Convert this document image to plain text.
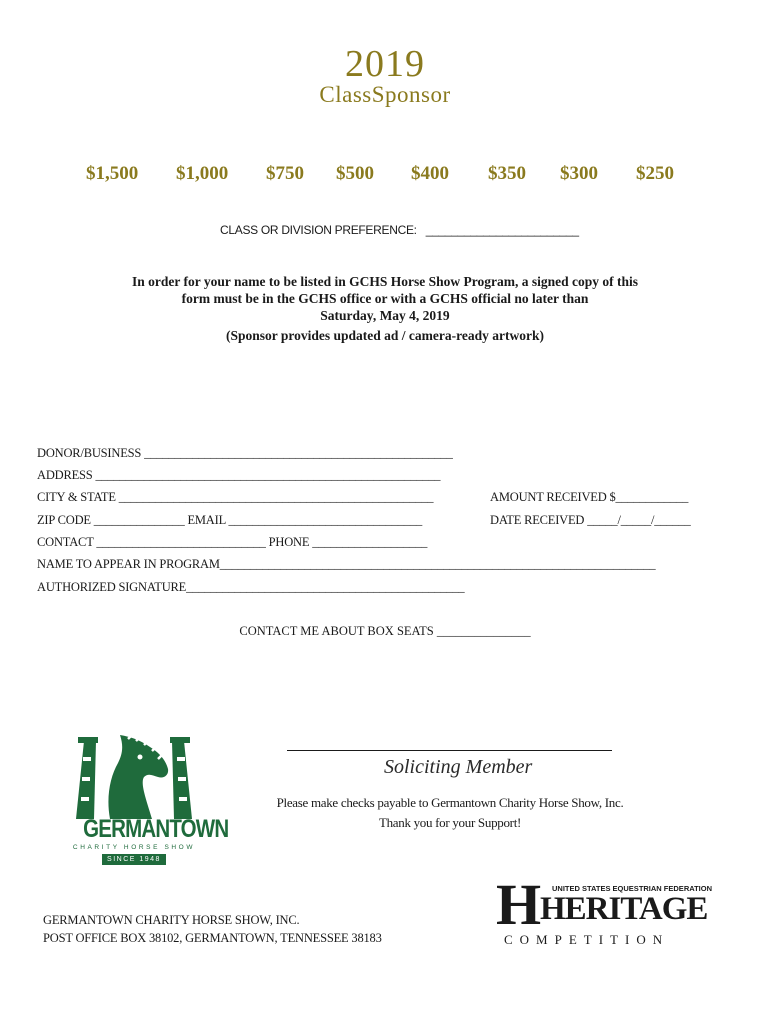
2019
ClassSponsor
$1,500 $1,000 $750 $500 $400 $350 $300 $250
CLASS OR DIVISION PREFERENCE: ________________________
In order for your name to be listed in GCHS Horse Show Program, a signed copy of this
form must be in the GCHS office or with a GCHS official no later than
Saturday, May 4, 2019
(Sponsor provides updated ad / camera-ready artwork)
DONOR/BUSINESS ___________________________________________________
ADDRESS _________________________________________________________
CITY & STATE ____________________________________________________	AMOUNT RECEIVED $____________
ZIP CODE _______________ EMAIL ________________________________	DATE RECEIVED _____/_____/______
CONTACT ____________________________ PHONE ___________________
NAME TO APPEAR IN PROGRAM________________________________________________________________________
AUTHORIZED SIGNATURE______________________________________________
CONTACT ME ABOUT BOX SEATS _______________
GERMANTOWN
CHARITY HORSE SHOW
SINCE 1948
Soliciting Member
Please make checks payable to Germantown Charity Horse Show, Inc.
Thank you for your Support!
H	UNITED STATES EQUESTRIAN FEDERATION
HERITAGE
COMPETITION
GERMANTOWN CHARITY HORSE SHOW, INC.
POST OFFICE BOX 38102, GERMANTOWN, TENNESSEE 38183
